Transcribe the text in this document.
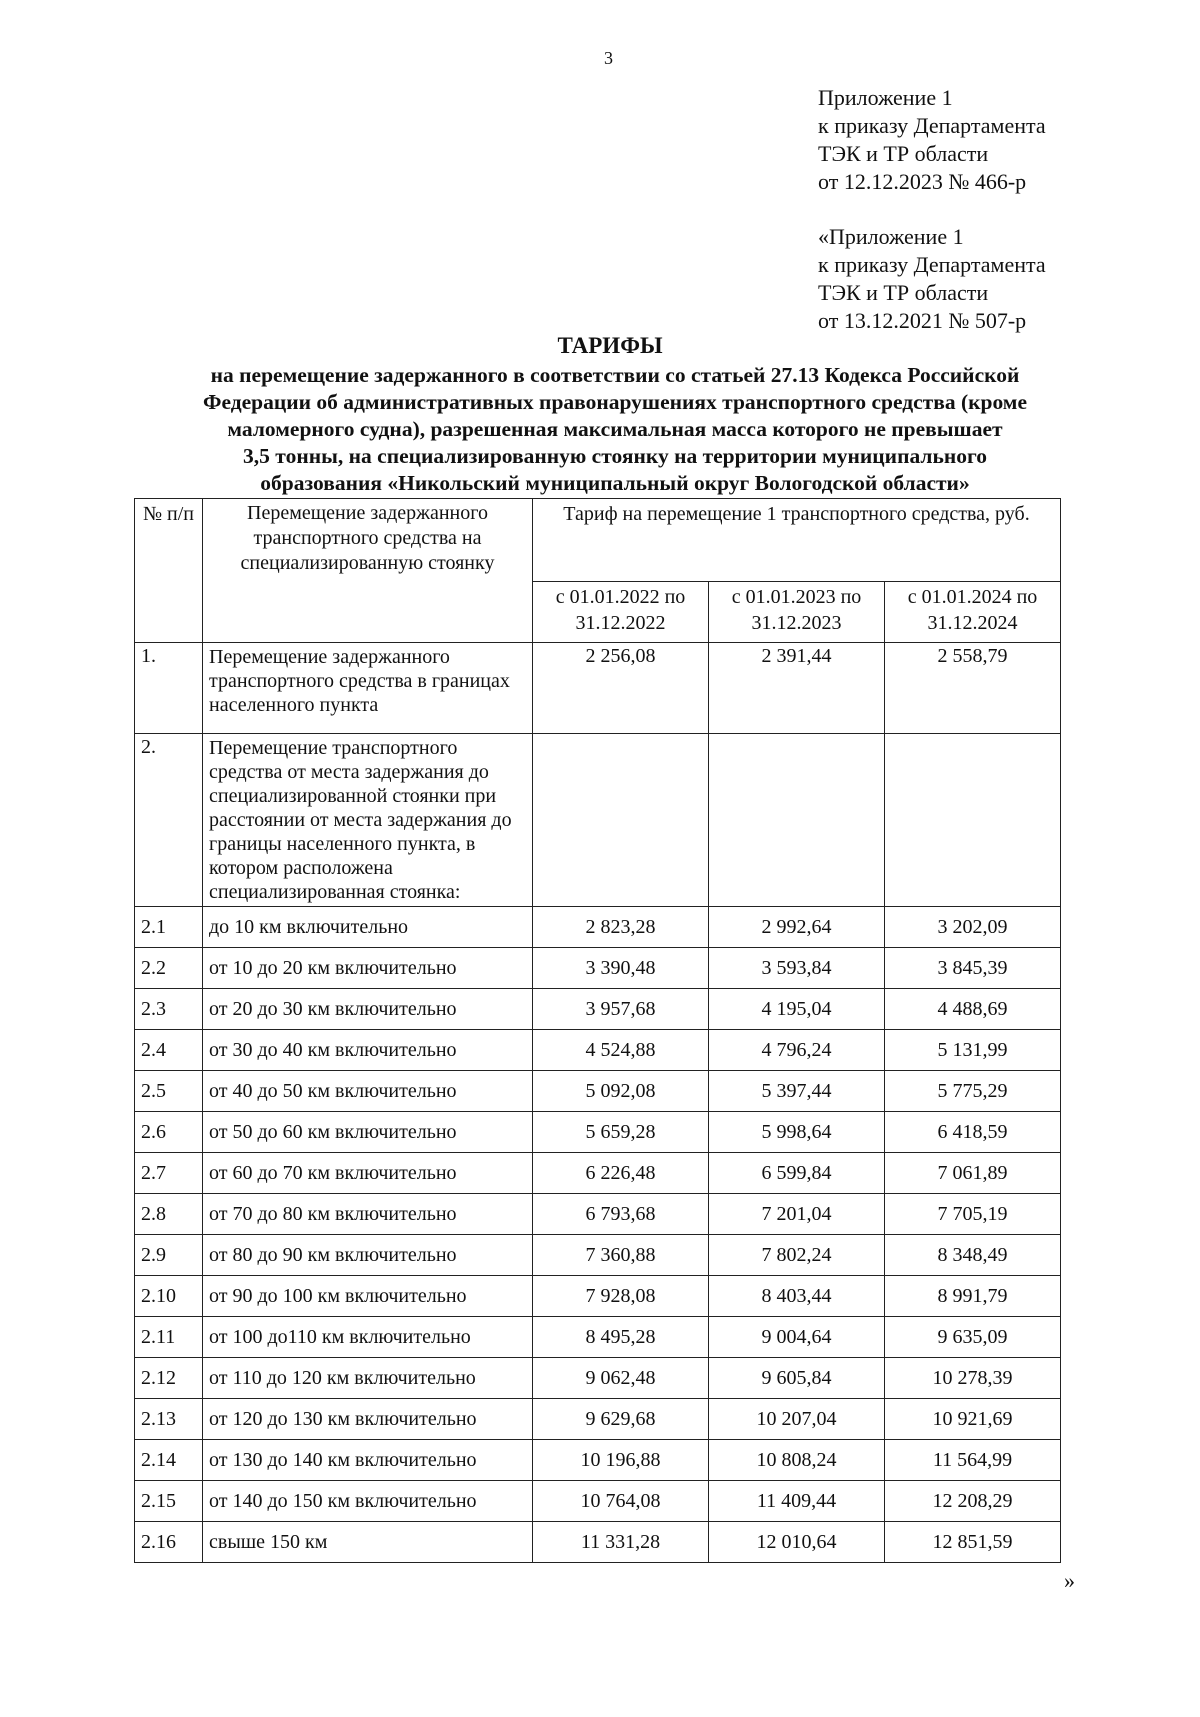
3
Приложение 1
к приказу Департамента
ТЭК и ТР области
от 12.12.2023 № 466-р
«Приложение 1
к приказу Департамента
ТЭК и ТР области
от 13.12.2021 № 507-р
ТАРИФЫ
на перемещение задержанного в соответствии со статьей 27.13 Кодекса Российской
Федерации об административных правонарушениях транспортного средства (кроме
маломерного судна), разрешенная максимальная масса которого не превышает
3,5 тонны, на специализированную стоянку на территории муниципального
образования «Никольский муниципальный округ Вологодской области»
№ п/п	Перемещение задержанного транспортного средства на специализированную стоянку	Тариф на перемещение 1 транспортного средства, руб.		
		с 01.01.2022 по 31.12.2022	с 01.01.2023 по 31.12.2023	с 01.01.2024 по 31.12.2024
1.	Перемещение задержанного транспортного средства в границах населенного пункта	2 256,08	2 391,44	2 558,79
2.	Перемещение транспортного средства от места задержания до специализированной стоянки при расстоянии от места задержания до границы населенного пункта, в котором расположена специализированная стоянка:			
2.1	до 10 км включительно	2 823,28	2 992,64	3 202,09
2.2	от 10 до 20 км включительно	3 390,48	3 593,84	3 845,39
2.3	от 20 до 30 км включительно	3 957,68	4 195,04	4 488,69
2.4	от 30 до 40 км включительно	4 524,88	4 796,24	5 131,99
2.5	от 40 до 50 км включительно	5 092,08	5 397,44	5 775,29
2.6	от 50 до 60 км включительно	5 659,28	5 998,64	6 418,59
2.7	от 60 до 70 км включительно	6 226,48	6 599,84	7 061,89
2.8	от 70 до 80 км включительно	6 793,68	7 201,04	7 705,19
2.9	от 80 до 90 км включительно	7 360,88	7 802,24	8 348,49
2.10	от 90 до 100 км включительно	7 928,08	8 403,44	8 991,79
2.11	от 100 до110 км включительно	8 495,28	9 004,64	9 635,09
2.12	от 110 до 120 км включительно	9 062,48	9 605,84	10 278,39
2.13	от 120 до 130 км включительно	9 629,68	10 207,04	10 921,69
2.14	от 130 до 140 км включительно	10 196,88	10 808,24	11 564,99
2.15	от 140 до 150 км включительно	10 764,08	11 409,44	12 208,29
2.16	свыше 150 км	11 331,28	12 010,64	12 851,59
»
